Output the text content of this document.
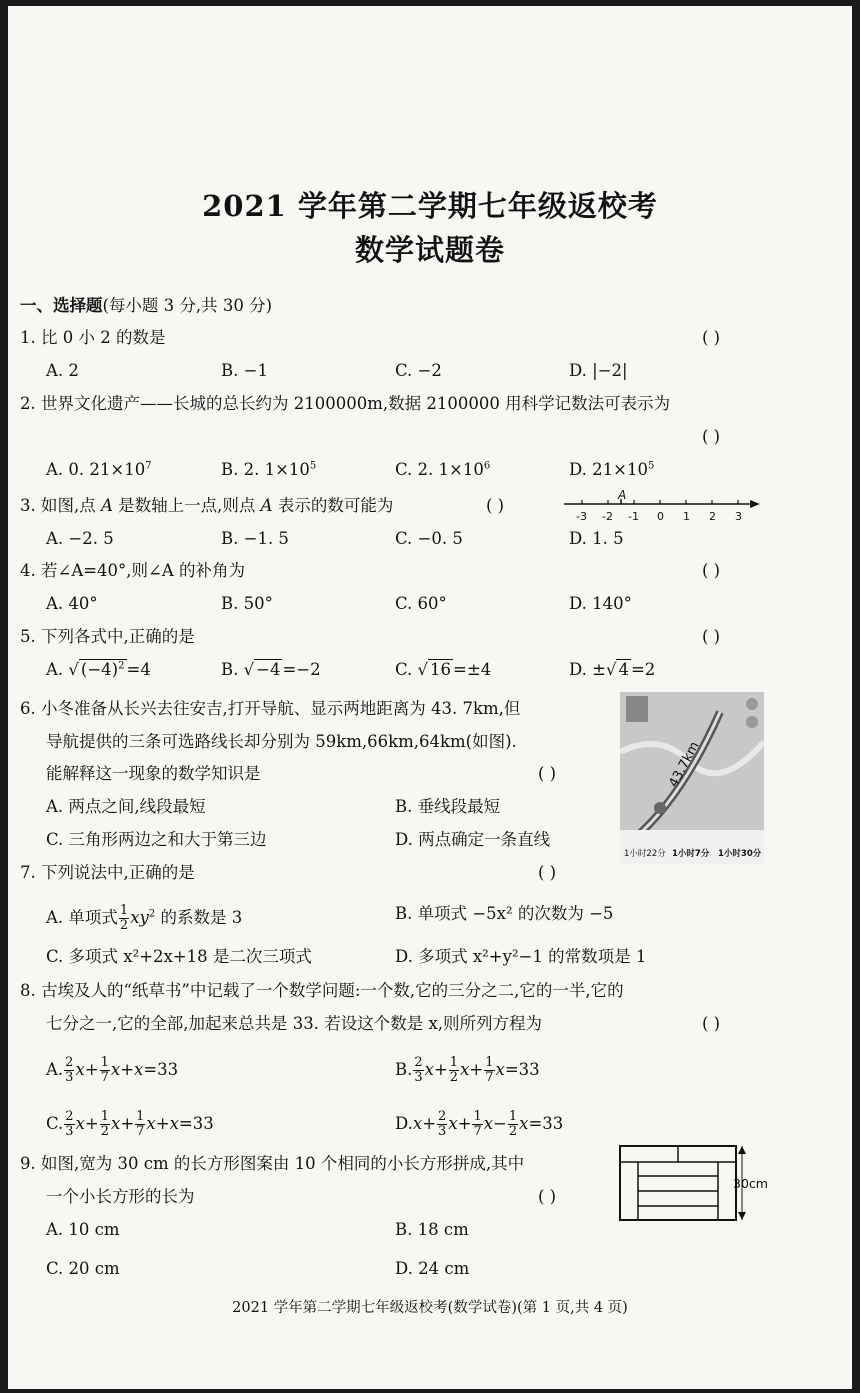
2021 学年第二学期七年级返校考
数学试题卷
一、选择题(每小题 3 分,共 30 分)
1. 比 0 小 2 的数是	( )
A. 2	B. −1	C. −2	D. |−2|
2. 世界文化遗产——长城的总长约为 2100000m,数据 2100000 用科学记数法可表示为
( )
A. 0. $21\times 10^7$	B. 2. $1\times 10^5$	C. 2. $1\times 10^6$	D. $21\times 10^5$
3. 如图,点 A 是数轴上一点,则点 A 表示的数可能为	( )
-3 -2 -1 0 1 2 3
A
A. −2. 5	B. −1. 5	C. −0. 5	D. 1. 5
4. 若∠A=40°,则∠A 的补角为	( )
A. 40°	B. 50°	C. 60°	D. 140°
5. 下列各式中,正确的是	( )
A. √ $(-4)^2 =4$	B. √ −4 =−2	C. √ 16 =±4	D. ±√ 4 =2
6. 小冬准备从长兴去往安吉,打开导航、显示两地距离为 43. 7km,但
导航提供的三条可选路线长却分别为 59km,66km,64km(如图).
能解释这一现象的数学知识是	( )
A. 两点之间,线段最短	B. 垂线段最短
C. 三角形两边之和大于第三边	D. 两点确定一条直线
43.7km
1小时22分 1小时7分 1小时30分
7. 下列说法中,正确的是	( )
A. 单项式 $\frac{1}{2} xy^2$ 的系数是 3	B. 单项式 −5x² 的次数为 −5
C. 多项式 x²+2x+18 是二次三项式	D. 多项式 x²+y²−1 的常数项是 1
8. 古埃及人的“纸草书”中记载了一个数学问题:一个数,它的三分之二,它的一半,它的
七分之一,它的全部,加起来总共是 33. 若设这个数是 x,则所列方程为	( )
A. $\frac{2}{3} x+ \frac{1}{7} x+x=33$	B. $\frac{2}{3} x+ \frac{1}{2} x+ \frac{1}{7} x=33$
C. $\frac{2}{3} x+ \frac{1}{2} x+ \frac{1}{7} x+x=33$	$D.x+ \frac{2}{3} x+ \frac{1}{7} x- \frac{1}{2} x=33$
9. 如图,宽为 30 cm 的长方形图案由 10 个相同的小长方形拼成,其中
一个小长方形的长为	( )
A. 10 cm	B. 18 cm
C. 20 cm	D. 24 cm
30cm
2021 学年第二学期七年级返校考(数学试卷)(第 1 页,共 4 页)
